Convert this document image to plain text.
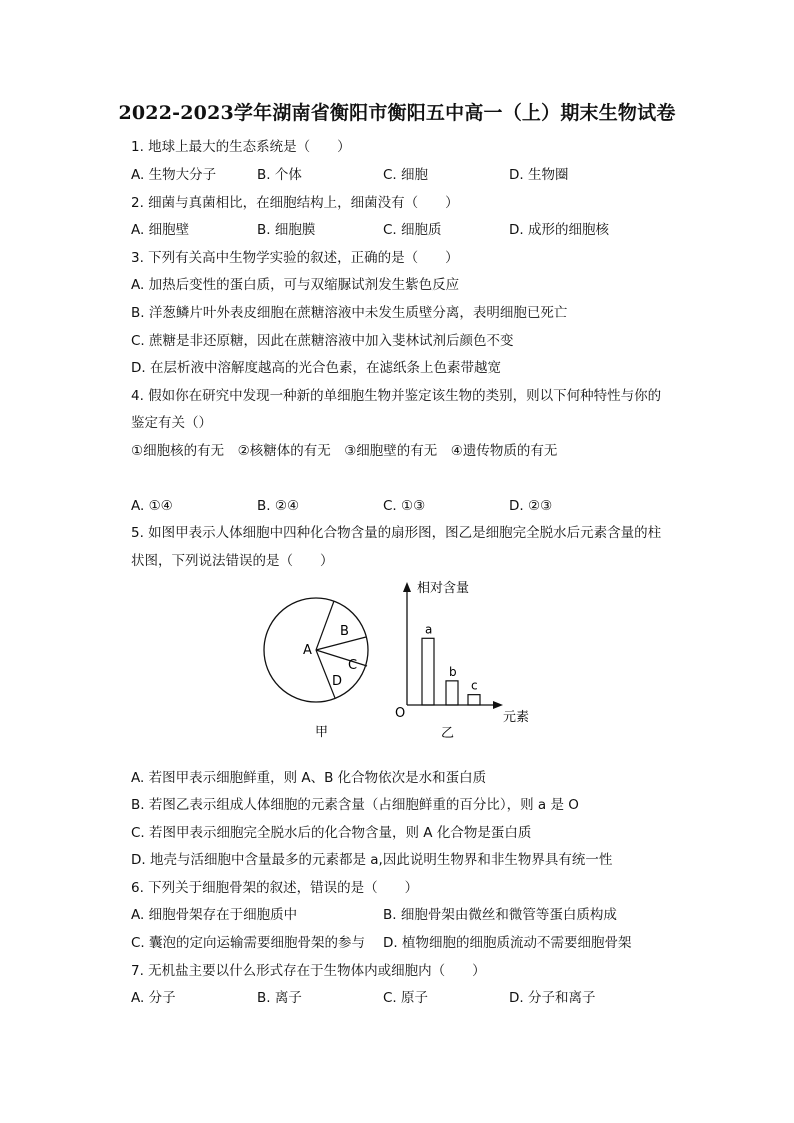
2022-2023学年湖南省衡阳市衡阳五中高一（上）期末生物试卷
1. 地球上最大的生态系统是（　　）
A. 生物大分子	B. 个体	C. 细胞	D. 生物圈
2. 细菌与真菌相比，在细胞结构上，细菌没有（　　）
A. 细胞壁	B. 细胞膜	C. 细胞质	D. 成形的细胞核
3. 下列有关高中生物学实验的叙述，正确的是（　　）
A. 加热后变性的蛋白质，可与双缩脲试剂发生紫色反应
B. 洋葱鳞片叶外表皮细胞在蔗糖溶液中未发生质壁分离，表明细胞已死亡
C. 蔗糖是非还原糖，因此在蔗糖溶液中加入斐林试剂后颜色不变
D. 在层析液中溶解度越高的光合色素，在滤纸条上色素带越宽
4. 假如你在研究中发现一种新的单细胞生物并鉴定该生物的类别，则以下何种特性与你的
鉴定有关（）
①细胞核的有无　②核糖体的有无　③细胞壁的有无　④遗传物质的有无
A. ①④	B. ②④	C. ①③	D. ②③
5. 如图甲表示人体细胞中四种化合物含量的扇形图，图乙是细胞完全脱水后元素含量的柱
状图，下列说法错误的是（　　）
A
B
C
D
甲
a
b
c
相对含量
元素
O
乙
A. 若图甲表示细胞鲜重，则 A、B 化合物依次是水和蛋白质
B. 若图乙表示组成人体细胞的元素含量（占细胞鲜重的百分比），则 a 是 O
C. 若图甲表示细胞完全脱水后的化合物含量，则 A 化合物是蛋白质
D. 地壳与活细胞中含量最多的元素都是 a,因此说明生物界和非生物界具有统一性
6. 下列关于细胞骨架的叙述，错误的是（　　）
A. 细胞骨架存在于细胞质中	B. 细胞骨架由微丝和微管等蛋白质构成
C. 囊泡的定向运输需要细胞骨架的参与 D. 植物细胞的细胞质流动不需要细胞骨架
7. 无机盐主要以什么形式存在于生物体内或细胞内（　　）
A. 分子	B. 离子	C. 原子	D. 分子和离子
